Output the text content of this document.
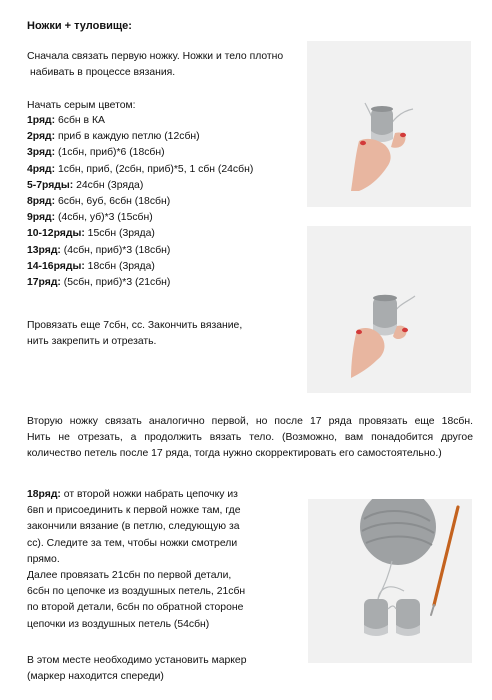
Ножки + туловище:
Сначала связать первую ножку. Ножки и тело плотно
набивать в процессе вязания.
Начать серым цветом:
1ряд: 6сбн в КА
2ряд: приб в каждую петлю (12сбн)
3ряд: (1сбн, приб)*6 (18сбн)
4ряд: 1сбн, приб, (2сбн, приб)*5, 1 сбн (24сбн)
5-7ряды: 24сбн (3ряда)
8ряд: 6сбн, 6уб, 6сбн (18сбн)
9ряд: (4сбн, уб)*3 (15сбн)
10-12ряды: 15сбн (3ряда)
13ряд: (4сбн, приб)*3 (18сбн)
14-16ряды: 18сбн (3ряда)
17ряд: (5сбн, приб)*3 (21сбн)
Провязать еще 7сбн, сс. Закончить вязание,
нить закрепить и отрезать.
Вторую ножку связать аналогично первой, но после 17 ряда провязать еще 18сбн.
Нить не отрезать, а продолжить вязать тело. (Возможно, вам понадобится другое
количество петель после 17 ряда, тогда нужно скорректировать его самостоятельно.)
18ряд: от второй ножки набрать цепочку из
6вп и присоединить к первой ножке там, где
закончили вязание (в петлю, следующую за
сс). Следите за тем, чтобы ножки смотрели
прямо.
Далее провязать 21сбн по первой детали,
6сбн по цепочке из воздушных петель, 21сбн
по второй детали, 6сбн по обратной стороне
цепочки из воздушных петель (54сбн)
В этом месте необходимо установить маркер
(маркер находится спереди)
